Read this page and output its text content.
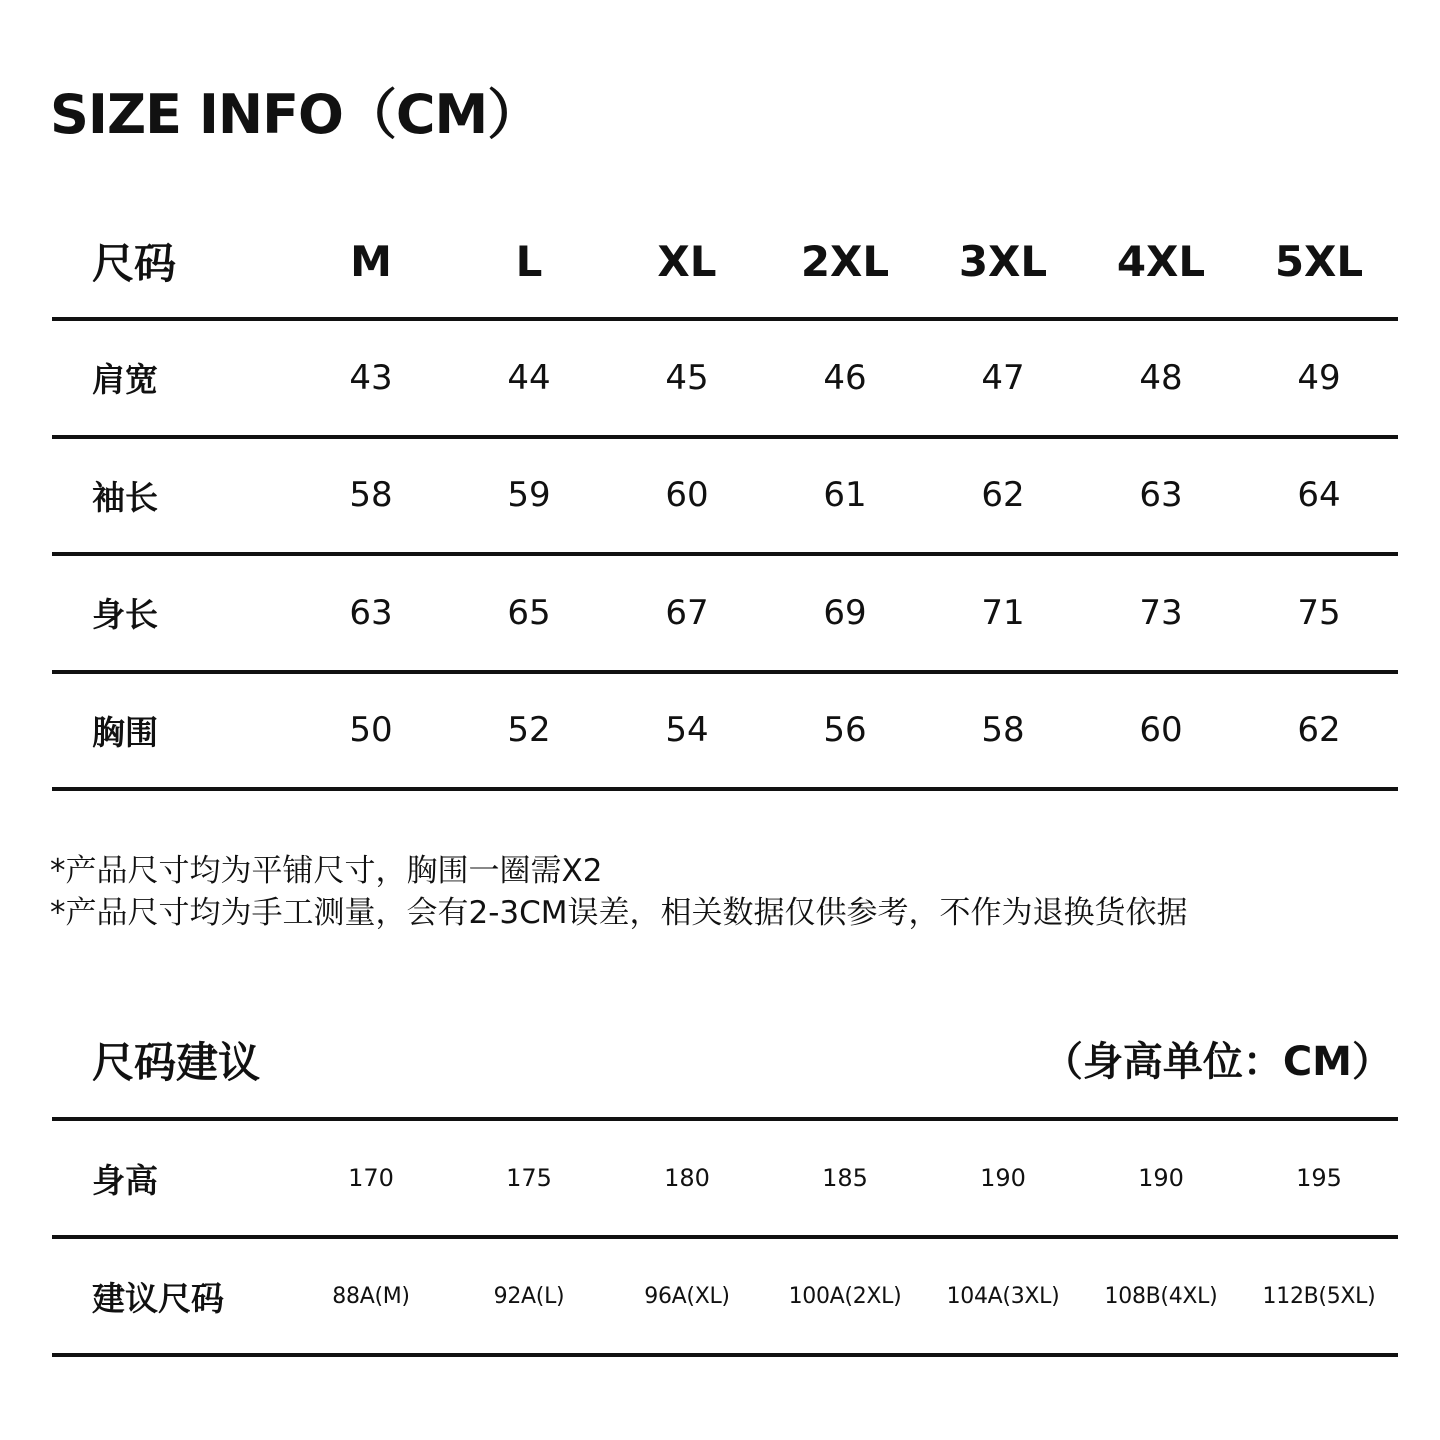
SIZE INFO（CM）
尺码	M	L	XL	2XL	3XL	4XL	5XL
肩宽	43	44	45	46	47	48	49
袖长	58	59	60	61	62	63	64
身长	63	65	67	69	71	73	75
胸围	50	52	54	56	58	60	62
*产品尺寸均为平铺尺寸，胸围一圈需X2
*产品尺寸均为手工测量，会有2-3CM误差，相关数据仅供参考，不作为退换货依据
尺码建议	（身高单位：CM）
身高	170	175	180	185	190	190	195
建议尺码	88A(M)	92A(L)	96A(XL)	100A(2XL)	104A(3XL)	108B(4XL)	112B(5XL)
